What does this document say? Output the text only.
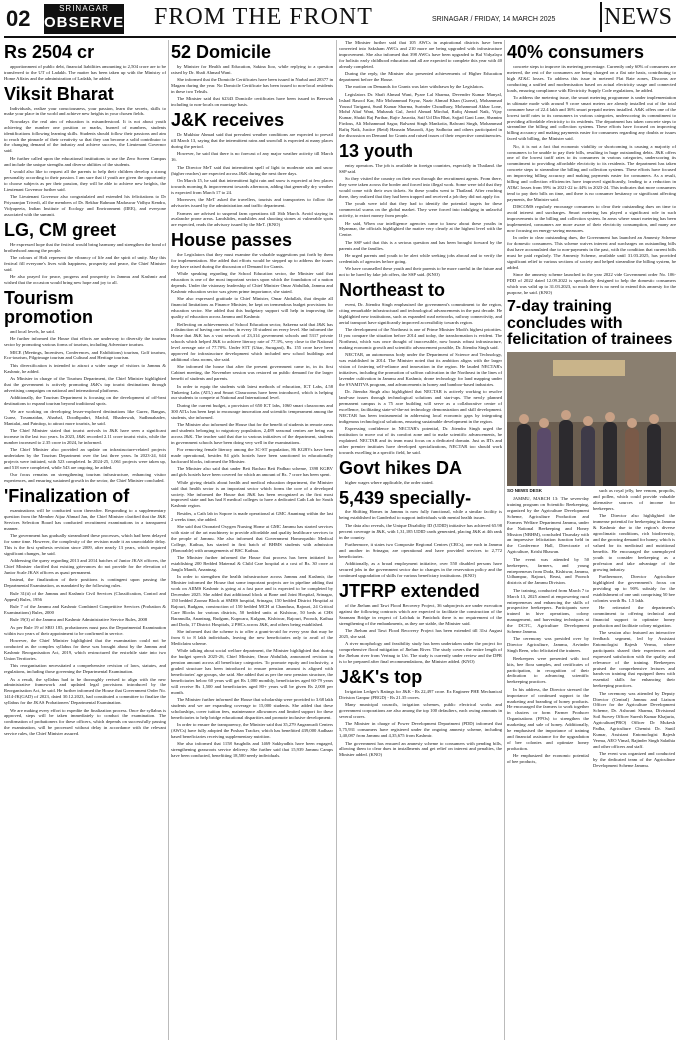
02	SRINAGAR
OBSERVER FROM THE FRONT	SRINAGAR / FRIDAY, 14 MARCH 2025 NEWS
Rs 2504 cr

apportionment of public debt, financial liabilities amounting to 2,504 crore are to be transferred to the UT of Ladakh. The matter has been taken up with the Ministry of Home Affairs and the administration of Ladakh, he added.

Viksit Bharat

Individuals, realize your consciousness, your passion, learn the secrets, skills to make your place in the world and achieve new heights in your chosen fields.

Nowadays the real aim of education is misunderstood. It is not about youth achieving the number one position or marks, burned of numbers, students identifications following learning skills. Students should follow their passions and aim to reach the pinnacle of their creativity so that they can become a solid contributor to the changing demand of the industry and achieve success, the Lieutenant Governor said.

He further called upon the educational institutions to use the Zero Screen Campus and include the unique strengths and diverse abilities of the students.

I would also like to request all the parents to help their children develop a strong personality according to their passion. I am sure that if youth are given the opportunity to choose subjects as per their passion, they will be able to achieve new heights, the Lieutenant Governor further said.

The Lieutenant Governor also congratulated and extended his felicitations to Dr Priyaranjan Trivedi, all the members of Dr. Rekhar Rahman Madaswar Vidhya Kendra, Vidyapeeta, Indian Institute of Ecology and Environment (IIEE), and everyone associated with the summit.

LG, CM greet

He expressed hope that the festival would bring harmony and strengthen the bond of brotherhood among the people.

The colours of Holi represent the vibrancy of life and the spirit of unity. May this festival fill everyone's lives with happiness, prosperity and peace, the Chief Minister said.

He also prayed for peace, progress and prosperity in Jammu and Kashmir and wished that the occasion would bring new hope and joy to all.

Tourism promotion

and local levels, he said.

He further informed the House that efforts are underway to diversify the tourism sector by promoting various forms of tourism, including Adventure tourism.

MICE (Meetings, Incentives, Conferences, and Exhibitions) tourism, Golf tourism, Eco-tourism, Pilgrimage tourism and Cultural and Heritage tourism.

This diversification is intended to attract a wider range of visitors to Jammu & Kashmir, he added.

As Minister in charge of the Tourism Department, the Chief Minister highlighted that the government is actively promoting J&K's top tourist destinations through advertising campaigns on national and international platforms.

Additionally, the Tourism Department is focusing on the development of off-beat destinations to expand tourism beyond traditional spots.

We are working on developing lesser-explored destinations like Gurez, Bangus, Gurez, Tosamaidan, Aharbal, Doodhpathri, Machil, Bhaderwah, Sudhmahadev, Mantalai, and Patnitop, to attract more tourists, he said.

The Chief Minister stated that tourist arrivals in J&K have seen a significant increase in the last two years. In 2023, J&K recorded 2.11 crore tourist visits, while the number increased to 2.35 crore in 2024, he informed.

The Chief Minister also provided an update on infrastructure-related projects undertaken by the Tourism Department over the last three years. In 2023-24, 644 projects were initiated, with 523 completed. In 2024-25, 1,061 projects were taken up, and 518 were completed, while 543 are ongoing, he added.

Our focus remains on strengthening tourism infrastructure, enhancing visitor experiences, and ensuring sustained growth in the sector, the Chief Minister concluded.

'Finalization of

examinations will be conducted soon thereafter. Responding to a supplementary question from the Member Aijaz Ahmad Jan, the Chief Minister clarified that the J&K Services Selection Board has conducted recruitment examinations in a transparent manner.

The government has gradually streamlined these processes, which had been delayed for some time. However, the complexity of the revision made it an unavoidable delay. This is the first synthesis revision since 2009, after nearly 13 years, which required significant changes, he said.

Addressing the query regarding 2013 and 2014 batches of Junior JKAS officers, the Chief Minister clarified that existing grievances do not provide for the elevation of Junior Scale JKAS officers as quasi permanent.

Instead, the finalization of their positions is contingent upon passing the Departmental Examination, as mandated by the following rules.

Rule 31(ii) of the Jammu and Kashmir Civil Services (Classification, Control and Appeal) Rules, 1956

Rule 7 of the Jammu and Kashmir Combined Competitive Services (Probation & Examinations) Rules, 2000

Rule 19(3) of the Jammu and Kashmir Administrative Service Rules, 2008

As per Rule 19 of SRO 185, probationers must pass the Departmental Examination within two years of their appointment to be confirmed in service.

However, the Chief Minister highlighted that the examination could not be conducted as the complex syllabus for these was brought about by the Jammu and Kashmir Reorganisation Act, 2019, which restructured the erstwhile state into two Union Territories.

This reorganisation necessitated a comprehensive revision of laws, statutes, and regulations, including those governing the Departmental Examination.

As a result, the syllabus had to be thoroughly revised to align with the new administrative framework and updated legal provisions introduced by the Reorganisation Act, he said. He further informed the House that Government Order No. 1414-JK(GAD) of 2023, dated 30.12.2023, had constituted a committee to finalize the syllabus for the JKAS Probationers' Departmental Examination.

We are making every effort to expedite the finalization process. Once the syllabus is approved, steps will be taken immediately to conduct the examination. The confirmation of probationers for these officers, which depends on successfully passing the examination, will be processed without delay in accordance with the relevant service rules, the Chief Minister assured.

52 Domicile

by Minister for Health and Education, Sakina Itoo, while replying to a question raised by Dr. Shafi Ahmad Wani.

She informed that the Domicile Certificates have been issued in Narbal and 28377 in Magam during the year. No Domicile Certificate has been issued to non-local residents in these two Tehsils.

The Minister said that 62343 Domicile certificates have been issued in Beerwah including to non-locals on marriage basis.

J&K receives

Dr Mukhtar Ahmad said that prevalent weather conditions are expected to prevail till March 13, saying that the intermittent rains and snowfall is expected at many places during the period.

However, he said that there is no forecast of any major weather activity till March 16.

The Director MeT said that intermittent spell of light to moderate rain and snow (higher reaches) are expected across J&K during the next three days.

On March 15, he said that intermittent light rain and snow is expected at few places towards morning & improvement towards afternoon, adding that generally dry weather is expected from March 17 to 24.

Moreover, the MeT asked the travellers, tourists and transporters to follow the advisories issued by the administration and traffic department.

Farmers are advised to suspend farm operations till 16th March. Avoid staying in avalanche prone areas. Landslides, mudslides and shooting stones at vulnerable spots are expected, reads the advisory issued by the MeT. (KNO)

House passes

the Legislators that they must examine the valuable suggestions put forth by them for implementation. She added that efforts would be stepped up to address the issues they have raised during the discussion of Demand for Grants.

While speaking regarding the School Education sector, the Minister said that education is one of the most important sectors upon which the foundation of a nation depends. Under the visionary leadership of Chief Minister Omar Abdullah, Jammu and Kashmir education sector was given prime importance, she stated.

She also expressed gratitude to Chief Minister, Omar Abdullah, that despite all financial limitations as Finance Minister, he kept on tremendous budget provisions for education sector. She added that this budgetary support will help in improving the quality of education across Jammu and Kashmir.

Reflecting on achievements of School Education sector, Sakeena said that J&K has a distinction of having one teacher, in every 10 student on every level. She informed the House that J&K has a vast network of 23,314 government schools and 5317 private schools which helped J&K to achieve literacy rate of 77.3%, very close to the National level average rate of 77.70%. Under STT (Uttar, Surugani), Rs. 155 crore have been approved for infrastructure development which included new school buildings and additional class rooms, she said.

She informed the house that after the present government came in, in its first Cabinet meeting, the November session was restored on public demand for the larger benefit of students and parents.

In order to equip the students with latest methods of education, ICT Labs, 4.58 Tinkering Labs (ATL) and Smart Classrooms have been introduced, which is helping our students to compete at National and International level.

During the current budget, a provision of 650 ICT labs, 1060 smart classrooms and 300 ATLs has been kept to encourage innovation and scientific temperament among the students, she informed.

The Minister also informed the House that for the benefit of students in remote areas and students belonging to migratory population, 2,489 seasonal centres are being run across J&K. The teacher said that due to various initiatives of the department, students in government schools have been doing very well in the examinations.

For removing female literacy among the 3C-ST population, 86 KGBVs have been made operational, besides 84 girls hostels have been sanctioned in educationally backward blocks, informed the Minister.

The Minister also said that under Beti Bachao Beti Padhao scheme, 1398 KGBV and girls hostels have been covered for which an amount of Rs. 7 crore has been spent.

While giving details about health and medical education department, the Minister said that health sector is an important sector which forms the core of a developed society. She informed the House that J&K has been recognized as the first most improved state and has had 8 medical colleges to have a dedicated Cath Lab for South Kashmir region.

Besides, a Cath lab in Sopore is made operational at GMC Anantnag within the last 2 weeks time, she added.

She said that Ozonated Oxygen Nursing Home at GMC Jammu has started services with state of the art machinery to provide affordable and quality healthcare services to the people of Jammu. She also informed that Government Homeopathic Medical College, Kathua, has started in first batch of BHMS students with admission (Honorable) with arrangements of BSC Kathua.

The Minister further informed the House that process has been initiated for establishing 200 Bedded Maternal & Child Care hospital at a cost of Rs. 30 crore at Jangla Mandi, Anantnag.

In order to strengthen the health infrastructure across Jammu and Kashmir, the Minister informed the House that some important projects are in pipeline adding that work on AIIMS Kashmir is going at a fast pace and is expected to be completed by December 2025. She added that additional block at Bone and Joint Hospital, Srinagar, 150 bedded Zoonar Block at SMHS hospital, Srinagar, 150 bedded District Hospital at Rajouri, Budgam, construction of 150 bedded MCH at Chandusa, Rajouri, 24 Critical Care Blocks for various districts, 50 bedded units at Kishtwar, 50 beds at CHS Baramulla, Anantnag, Budgam, Kupwara, Kulgam, Kishtwar, Rajouri, Poonch, Kathua and Doda, 17 District Hospitals, 2 PHCs across J&K, and others being established.

She informed that the scheme is to offer a grant-in-aid for every year that may be from 6 to 8 lakh individuals, leaving the new beneficiaries only to avail of the Mediclaim scheme.

While talking about social welfare department, the Minister highlighted that during the budget speech 2025-26, Chief Minister, Omar Abdullah, announced revision in pension amount across all beneficiary categories. To promote equity and inclusivity, a graded structure has been introduced to ensure pension amount is aligned with beneficiaries' age groups, she said. She added that as per the new pension structure, the beneficiaries below 60 years will get Rs 1,000 monthly, beneficiaries aged 60-79 years will receive Rs 1,500 and beneficiaries aged 80+ years will be given Rs 2,000 per month.

The Minister further informed the House that scholarship were provided to 3.68 lakh students and we are expanding coverage to 15,000 students. She added that these scholarships, cover tuition fees, maintenance allowances and limited support for these beneficiaries to help bridge educational disparities and promote inclusive development.

In order to ensure the transparency, the Minister said that 35,279 Anganwadi Centers (AWCs) have fully adopted the Poshan Tracker, which has benefitted 439,000 Aadhaar based beneficiaries receiving supplementary nutrition.

She also informed that 1158 Saughdis and 1469 Sakhyadhis have been engaged, strengthening grassroots service delivery. She further said that 15,939 Jammu Camps have been conducted, benefitting 18,500 needy individuals.

The Minister further said that 105 AWCs in aspirational districts have been converted into Saksham AWCs and 210 more are being upgraded with infrastructure improvement. She also informed that 398 AWCs have been upgraded to Bal Vidyalaya for holistic early childhood education and all are expected to complete this year with 40 already completed.

During the reply, the Minister also presented achievements of Higher Education department before the House.

The motion on Demands for Grants was later withdrawn by the Legislators.

Legislators Dr. Shafi Ahmad Wani, Pyare Lal Sharma, Devender Kumar Manyal, Irshad Rasool Kar, Mir Mohammad Fayaz, Nazir Ahmad Khan (Gurezi), Mohammad Yousuf Tarigami, Sunil Kumar Sharma, Surinder Choudhary, Mohammad Akbar Lone, Mohd Altaf Wani, Mubarak Gul, Javid Ahmad Mirchal, Rafiq Ahmad Naik, Vijay Kumar, Shakti Raj Parihar, Rajiv Jasrotia, Saif Ud Din Bhat, Sajjad Gani Lone, Shamim Firdous, Ali Mohammad Sagar, Balwant Singh Mankotia, Balwant Singh, Mohammad Rafiq Naik, Justice (Retd) Hasnain Masoodi, Ajay Sadhotra and others participated in the discussion on Demand for Grants and raised issues of their respective constituencies.

13 youth

entry operators. The job is available in foreign countries, especially in Thailand. the SSP said.

So they visited the country on their own through the recruitment agents. From there, they were taken across the border and forced into illegal work. Some were told that they would come with their own tickets. So these youths went to Thailand. After reaching there, they realized that they had been trapped and received a job they did not apply for.

The youth were told that they had to identify the potential targets for these commercial scams on the global market. They were forced into indulging in unlawful activity, to extort money from people.

He said, When our intelligence agencies came to know about these youths in Myanmar, the officials highlighted the matter very clearly at the highest level with the Centre.

The SSP said that this is a serious question and has been brought forward by the parents and the families.

He urged parents and youth to be alert while seeking jobs abroad and to verify the credentials of agencies before going.

We have counselled these youth and their parents to be more careful in the future and not to be lured by fake job offers, the SSP said. (KNO)

Northeast to

event, Dr. Jitendra Singh emphasised the government's commitment to the region, citing remarkable infrastructural and technological advancements in the past decade. He highlighted new institutions, such as expanded road networks, railway connectivity, and aerial transport have significantly improved accessibility towards region.

The development of the Northeast is one of Prime Minister Modi's highest priorities. If you compare the situation before 2014 and today, the transformation is evident. The Northeast, which was once thought of inaccessible, now boasts robust infrastructure, making economic growth and scientific advancement possible, Dr. Jitendra Singh said.

NECTAR, an autonomous body under the Department of Science and Technology, was established in 2014. The Minister noted that its ambition aligns with the larger vision of fostering self-reliance and innovation in the region. He lauded NECTAR's initiatives, including the promotion of saffron cultivation in the Northeast in the lines of lavender cultivation in Jammu and Kashmir, drone technology for land mapping under the SVAMITVA program, and advancements in honey and bamboo-based industries.

Dr. Jitendra Singh also highlighted that NECTAR is actively working to resolve land-use issues through technological solutions and start-ups. The newly planned permanent campus is a 75 acre building will serve as a collaborative centre of excellence, facilitating state-of-the-art technology demonstration and skill development. NECTAR has been instrumental in addressing local economic gaps by integrating indigenous technological solutions, ensuring sustainable development in the region.

Expressing confidence in NECTAR's potential, Dr. Jitendra Singh urged the institution to move out of its comfort zone and to make scientific advancements, he explained. NECTAR and its team must focus on a dedicated domain. Just as IITs and other premier institutes have developed specializations, NECTAR too should work towards excelling in a specific field, he said.

Govt hikes DA

higher wages where applicable, the order stated.

5,439 specially-

the Shifting Homes in Jammu is now fully functional, while a similar facility is being established in Ganderbal to support individuals with mental health issues.

The data also reveals, the Unique Disability ID (UDID) initiative has achieved 65.98 percent coverage in J&K, with 1,31,185 UDID cards generated, placing J&K at 4th rank in the country.

Furthermore, it states two Composite Regional Centres (CRCs), one each in Jammu and another in Srinagar, are operational and have provided services to 2,772 beneficiaries.

Additionally, as a broad employment initiative, over 550 disabled persons have secured jobs in the government sector due to changes in the reservation policy and the continued upgradation of skills for various beneficiary institutions. (KNO)

JTFRP extended

of the Jhelum and Tawi Flood Recovery Project, 36 subprojects are under execution against the following contracts which are expected to facilitate the construction of the Saranam Bridge in respect of Lalchak to Pantchok there is no requirement of the strengthening of the embankments, as they are stable, the Minister said.

The Jhelum and Tawi Flood Recovery Project has been extended till 31st August 2025, she said.

A river morphology and feasibility study has been undertaken under the project for comprehensive flood mitigation of Jhelum River. The study covers the entire length of the Jhelum river from Verinag to Uri. The study is currently under review and the DPR is to be prepared after final recommendations, the Minister added. (KNO)

J&K's top

Irrigation Ledger's Ratings for J&K - Rs 22,497 crore. Ex Engineer PHE Mechanical Division Ganpur (PRGD) - Rs 21.35 crores.

Many municipal councils, irrigation schemes, public electrical works and government corporations are also among the top 100 defaulters, each owing amounts in several crores.

The Minister in charge of Power Development Department (PDD) informed that 5,75,931 consumers have registered under the ongoing amnesty scheme, including 1,40,087 from Jammu and 4,35,675 from Kashmir.

The government has ensured an amnesty scheme to consumers with pending bills, allowing them to clear dues in installments and get relief on interest and penalties, the Minister added. (KNO)

40% consumers

concrete steps to improve its metering percentage. Currently only 60% of consumers are metered, the rest of the consumers are being charged on a flat rate basis, contributing to high AT&C losses. To address this issue in metered Flat Rate zones, Discoms are conducting a unified and modernisation based on actual electricity usage and connected loads, ensuring compliance with Electricity Supply Code regulations, he added.

To address the metering issue, the smart metering programme is under implementation in ultimate mode with around 9 crore smart meters are already installed out of the total consumer base of 22.4 lakh and 36% smart prepaid meters installed. A&K offers one of the lowest tariff rates to its consumers in various categories, underscoring its commitment to providing affordable electricity to its residents. The department has taken concrete steps to streamline the billing and collection systems. These efforts have focused on improving billing accuracy and making payments easier for consumers regarding any doubts or issues faced with billing, the Minister said.

No, it is not a fact that economic viability or shortcoming is causing a majority of consumers to be unable to pay their bills, resulting in huge outstanding debts. J&K offers one of the lowest tariff rates to its consumers in various categories, underscoring its commitment to providing affordable electricity to its residents. The department has taken concrete steps to streamline the billing and collection systems. These efforts have focused on improving billing accuracy and making payments easier for consumers. As a result, billing and collection efficiencies have improved significantly, leading to a reduction in AT&C losses from 59% in 2021-22 to 44% in 2023-24. This indicates that more consumers tend to pay their bills on time, and there is no consumer hesitancy or significant affecting payments, the Minister said.

DISCOMS regularly encourage consumers to clear their outstanding dues on time to avoid interest and surcharges. Smart metering has played a significant role in such improvements to the billing and collection system. In areas where smart metering has been implemented, consumers are more aware of their electricity consumption, and many are now focusing on energy-saving measures.

In order to clear outstanding dues, the Government has launched an Amnesty Scheme for domestic consumers. This scheme waives interest and surcharges on outstanding bills that have accumulated due to non-payments in the past, with the condition that current bills must be paid regularly. The Amnesty Scheme, available until 31.03.2025, has provided significant relief to various sections of society and helped streamline the billing system, he added.

Since the amnesty scheme launched in the year 2022 vide Government order No. 106-PDD of 2022 dated 12.09.2022 is specifically designed to help the domestic consumers which was valid up to 31.03.2023, so much there is no need to extend this amnesty for the purpose, he said. (KNO)

7-day training concludes with felicitation of trainees
SO NEWS DESK

JAMMU, MARCH 13: The seven-day training program on Scientific Beekeeping, organized by the Agriculture Development Scheme, Agriculture Production and Farmers Welfare Department Jammu, under the National Beekeeping and Honey Mission (NBHM), concluded Thursday with an impressive felicitation function held in the Conference Hall, Directorate of Agriculture, Krishi Bhawan.

The event was attended by 50 beekeepers, farmers, and young entrepreneurs from Doda, Kishtwar, Jammu, Udhampur, Rajouri, Reasi, and Poonch districts of the Jammu Division.

The training, conducted from March 7 to March 13, 2025 aimed at empowering rural entrepreneurs and enhancing the skills of prospective beekeepers. Participants were trained in hive operations, colony management, and harvesting techniques at the DCTC, Agriculture Development Scheme Jammu.

The ceremony was presided over by Director Agriculture, Jammu, Arvinder Singh Reen, who felicitated the trainees.

Beekeepers were presented with tool kits, bee flora samples, and certificates of participation, in recognition of their dedication to advancing scientific beekeeping practices.

In his address, the Director stressed the importance of continued support to the marketing and branding of honey products. He encouraged the farmers to work together in clusters or form Farmer Producer Organisations (FPOs) to strengthen the marketing and sale of honey. Additionally, he emphasised the importance of training and financial assistance for the upgradation of bee colonies and optimize honey production.

He emphasized the economic potential of bee products,

such as royal jelly, bee venom, propolis, and pollen, which could provide valuable alternative sources of income for beekeepers.

The Director also highlighted the immense potential for beekeeping in Jammu & Kashmir due to the region's diverse agroclimatic conditions, rich biodiversity, and the growing demand for honey, which is valued for its medicinal and nutritional benefits. He encouraged the unemployed youth to consider beekeeping as a profession and take advantage of the growing industry.

Furthermore, Director Agriculture highlighted the government's focus on providing up to 90% subsidy for the establishment of one unit comprising 50 bee colonies worth Rs. 1.5 lakh.

He reiterated the department's commitment to offering technical and financial support to optimize honey production and facilitate colony migration.

The session also featured an interactive feedback segment, led by Assistant Entomologist Rajesh Verma, where participants shared their experiences and expressed satisfaction with the quality and relevance of the training. Beekeepers praised the comprehensive lectures and hands-on training that equipped them with essential skills for enhancing their beekeeping practices.

The ceremony was attended by Deputy Director (Central) Jammu and Liaison Officer for the Agriculture Development Scheme, Dr. Ashwani Sharma, Divisional Soil Survey Officer Suresh Kumar Khajuria, Agriculture(PRO) Officer Dr Mukesh Padha, Agriculture Chemist Dr. Sunil Kumar, Assistant Entomologist Rajesh Verma, AEO Vimal, Rajinder Singh Salathia and other officers and staff.

The event was organized and conducted by the dedicated team of the Agriculture Development Scheme Jammu.
